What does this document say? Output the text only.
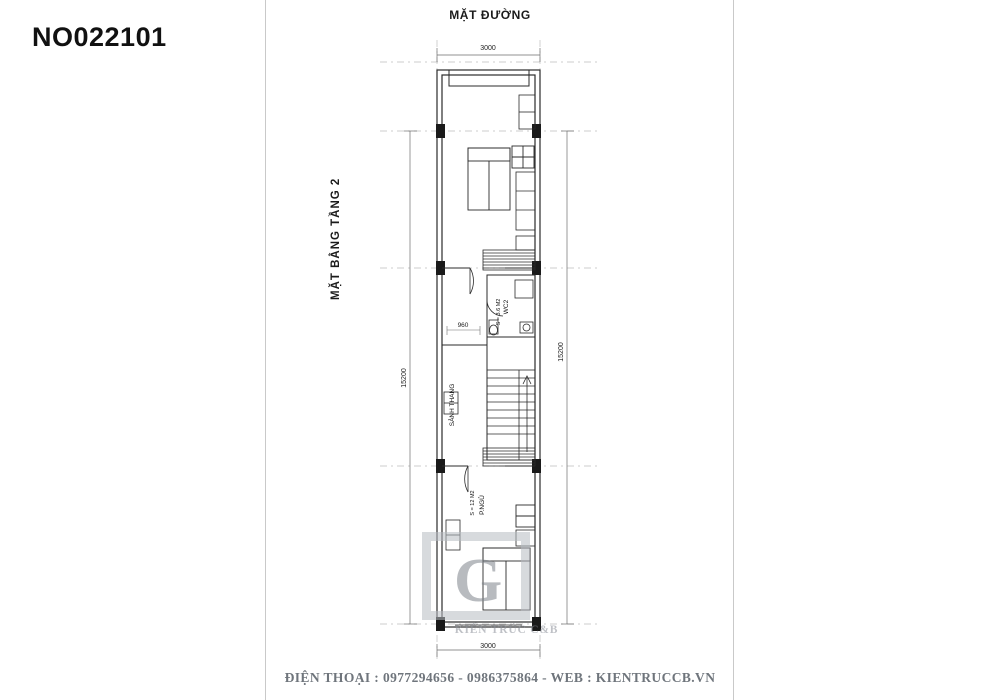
NO022101
MẶT ĐƯỜNG
MẶT BẰNG TẦNG 2
3000
3000
15200
15200
960
WC2
S = 3.6 M2
SẢNH THANG
P.NGỦ
S = 12 M2
G
KIẾN TRÚC C&B
ĐIỆN THOẠI : 0977294656 - 0986375864 - WEB : KIENTRUCCB.VN
